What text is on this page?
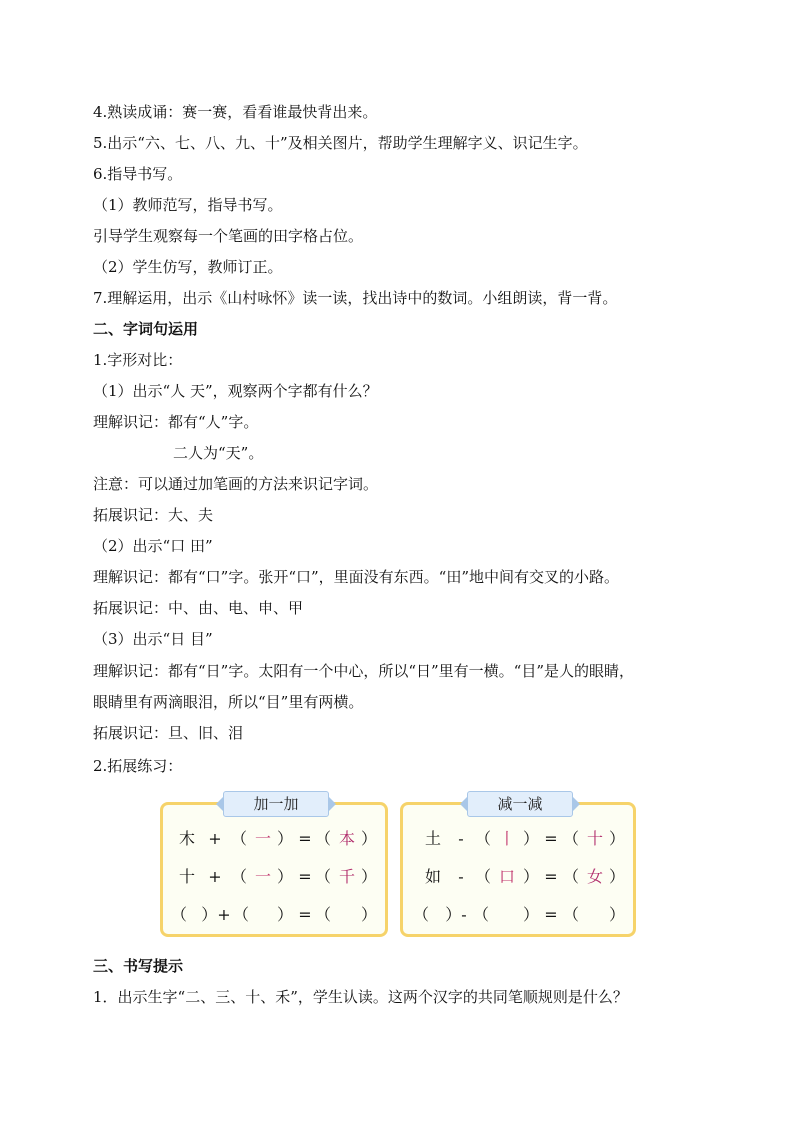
4.熟读成诵：赛一赛，看看谁最快背出来。
5.出示“六、七、八、九、十”及相关图片，帮助学生理解字义、识记生字。
6.指导书写。
（1）教师范写，指导书写。
引导学生观察每一个笔画的田字格占位。
（2）学生仿写，教师订正。
7.理解运用，出示《山村咏怀》读一读，找出诗中的数词。小组朗读，背一背。
二、字词句运用
1.字形对比：
（1）出示“人 天”，观察两个字都有什么？
理解识记：都有“人”字。
二人为“天”。
注意：可以通过加笔画的方法来识记字词。
拓展识记：大、夫
（2）出示“口 田”
理解识记：都有“口”字。张开“口”，里面没有东西。“田”地中间有交叉的小路。
拓展识记：中、由、电、申、甲
（3）出示“日 目”
理解识记：都有“日”字。太阳有一个中心，所以“日”里有一横。“目”是人的眼睛，
眼睛里有两滴眼泪，所以“目”里有两横。
拓展识记：旦、旧、泪
2.拓展练习：
加一加
木 + （ 一 ） = （ 本 ）
十 + （ 一 ） = （ 千 ）
（ ）+ （ ） = （ ）
减一减
土	- （ 丨 ） = （ 十 ）
如	- （ 口 ） = （ 女 ）
（ ）- （ ） = （ ）
三、书写提示
1．出示生字“二、三、十、禾”，学生认读。这两个汉字的共同笔顺规则是什么？
